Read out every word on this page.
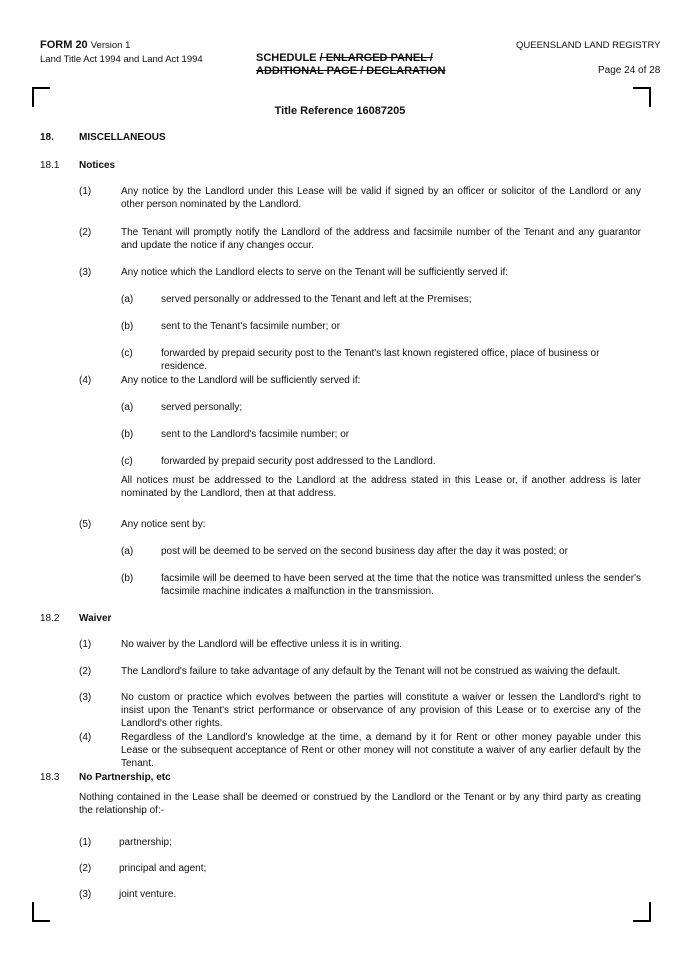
FORM 20 Version 1
Land Title Act 1994 and Land Act 1994
QUEENSLAND LAND REGISTRY
Page 24 of 28
SCHEDULE / ENLARGED PANEL /
ADDITIONAL PAGE / DECLARATION
Title Reference 16087205
18.	MISCELLANEOUS
18.1 Notices
(1)	Any notice by the Landlord under this Lease will be valid if signed by an officer or solicitor of the Landlord or any other person nominated by the Landlord.
(2)	The Tenant will promptly notify the Landlord of the address and facsimile number of the Tenant and any guarantor and update the notice if any changes occur.
(3)	Any notice which the Landlord elects to serve on the Tenant will be sufficiently served if:
(a)	served personally or addressed to the Tenant and left at the Premises;
(b)	sent to the Tenant's facsimile number; or
(c)	forwarded by prepaid security post to the Tenant's last known registered office, place of business or residence.
(4)	Any notice to the Landlord will be sufficiently served if:
(a)	served personally;
(b)	sent to the Landlord's facsimile number; or
(c)	forwarded by prepaid security post addressed to the Landlord.
All notices must be addressed to the Landlord at the address stated in this Lease or, if another address is later nominated by the Landlord, then at that address.
(5)	Any notice sent by:
(a)	post will be deemed to be served on the second business day after the day it was posted; or
(b)	facsimile will be deemed to have been served at the time that the notice was transmitted unless the sender's facsimile machine indicates a malfunction in the transmission.
18.2 Waiver
(1)	No waiver by the Landlord will be effective unless it is in writing.
(2)	The Landlord's failure to take advantage of any default by the Tenant will not be construed as waiving the default.
(3)	No custom or practice which evolves between the parties will constitute a waiver or lessen the Landlord's right to insist upon the Tenant's strict performance or observance of any provision of this Lease or to exercise any of the Landlord's other rights.
(4)	Regardless of the Landlord's knowledge at the time, a demand by it for Rent or other money payable under this Lease or the subsequent acceptance of Rent or other money will not constitute a waiver of any earlier default by the Tenant.
18.3 No Partnership, etc
Nothing contained in the Lease shall be deemed or construed by the Landlord or the Tenant or by any third party as creating the relationship of:-
(1)	partnership;
(2)	principal and agent;
(3)	joint venture.
